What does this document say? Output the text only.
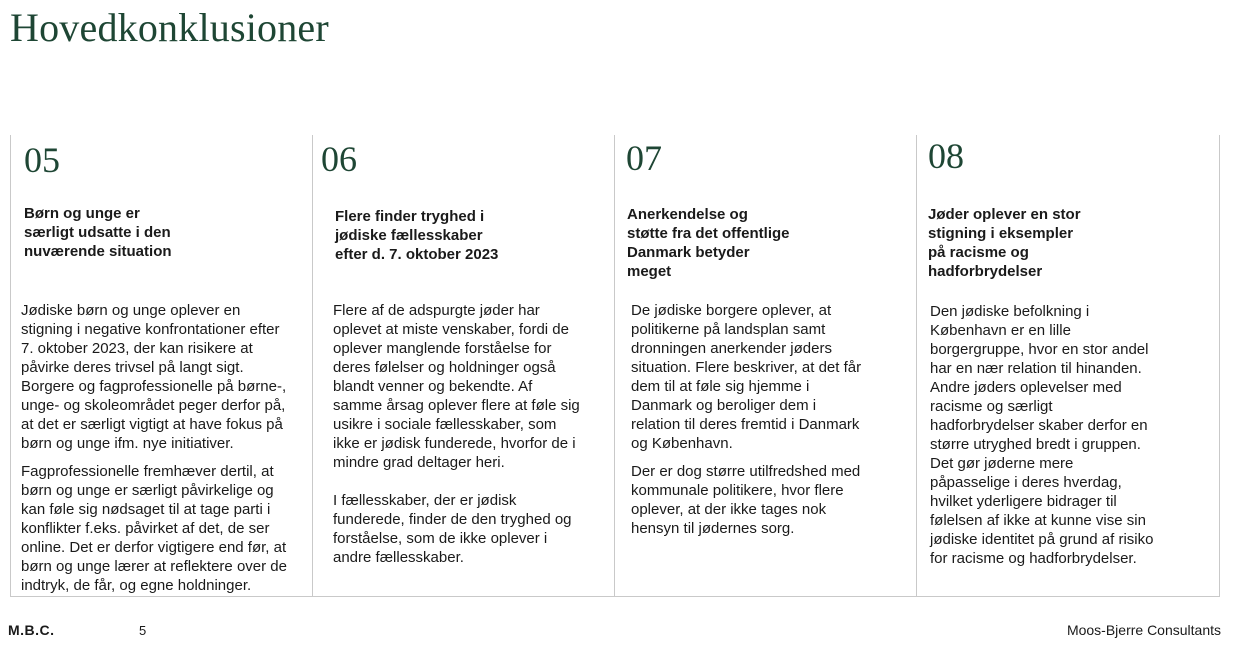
Hovedkonklusioner
05
Børn og unge er
særligt udsatte i den
nuværende situation

Jødiske børn og unge oplever en
stigning i negative konfrontationer efter
7. oktober 2023, der kan risikere at
påvirke deres trivsel på langt sigt.
Borgere og fagprofessionelle på børne-,
unge- og skoleområdet peger derfor på,
at det er særligt vigtigt at have fokus på
børn og unge ifm. nye initiativer.

Fagprofessionelle fremhæver dertil, at
børn og unge er særligt påvirkelige og
kan føle sig nødsaget til at tage parti i
konflikter f.eks. påvirket af det, de ser
online. Det er derfor vigtigere end før, at
børn og unge lærer at reflektere over de
indtryk, de får, og egne holdninger.

06
Flere finder tryghed i
jødiske fællesskaber
efter d. 7. oktober 2023

Flere af de adspurgte jøder har
oplevet at miste venskaber, fordi de
oplever manglende forståelse for
deres følelser og holdninger også
blandt venner og bekendte. Af
samme årsag oplever flere at føle sig
usikre i sociale fællesskaber, som
ikke er jødisk funderede, hvorfor de i
mindre grad deltager heri.

I fællesskaber, der er jødisk
funderede, finder de den tryghed og
forståelse, som de ikke oplever i
andre fællesskaber.

07
Anerkendelse og
støtte fra det offentlige
Danmark betyder
meget

De jødiske borgere oplever, at
politikerne på landsplan samt
dronningen anerkender jøders
situation. Flere beskriver, at det får
dem til at føle sig hjemme i
Danmark og beroliger dem i
relation til deres fremtid i Danmark
og København.

Der er dog større utilfredshed med
kommunale politikere, hvor flere
oplever, at der ikke tages nok
hensyn til jødernes sorg.

08
Jøder oplever en stor
stigning i eksempler
på racisme og
hadforbrydelser

Den jødiske befolkning i
København er en lille
borgergruppe, hvor en stor andel
har en nær relation til hinanden.
Andre jøders oplevelser med
racisme og særligt
hadforbrydelser skaber derfor en
større utryghed bredt i gruppen.
Det gør jøderne mere
påpasselige i deres hverdag,
hvilket yderligere bidrager til
følelsen af ikke at kunne vise sin
jødiske identitet på grund af risiko
for racisme og hadforbrydelser.

M.B.C.	5	Moos-Bjerre Consultants
